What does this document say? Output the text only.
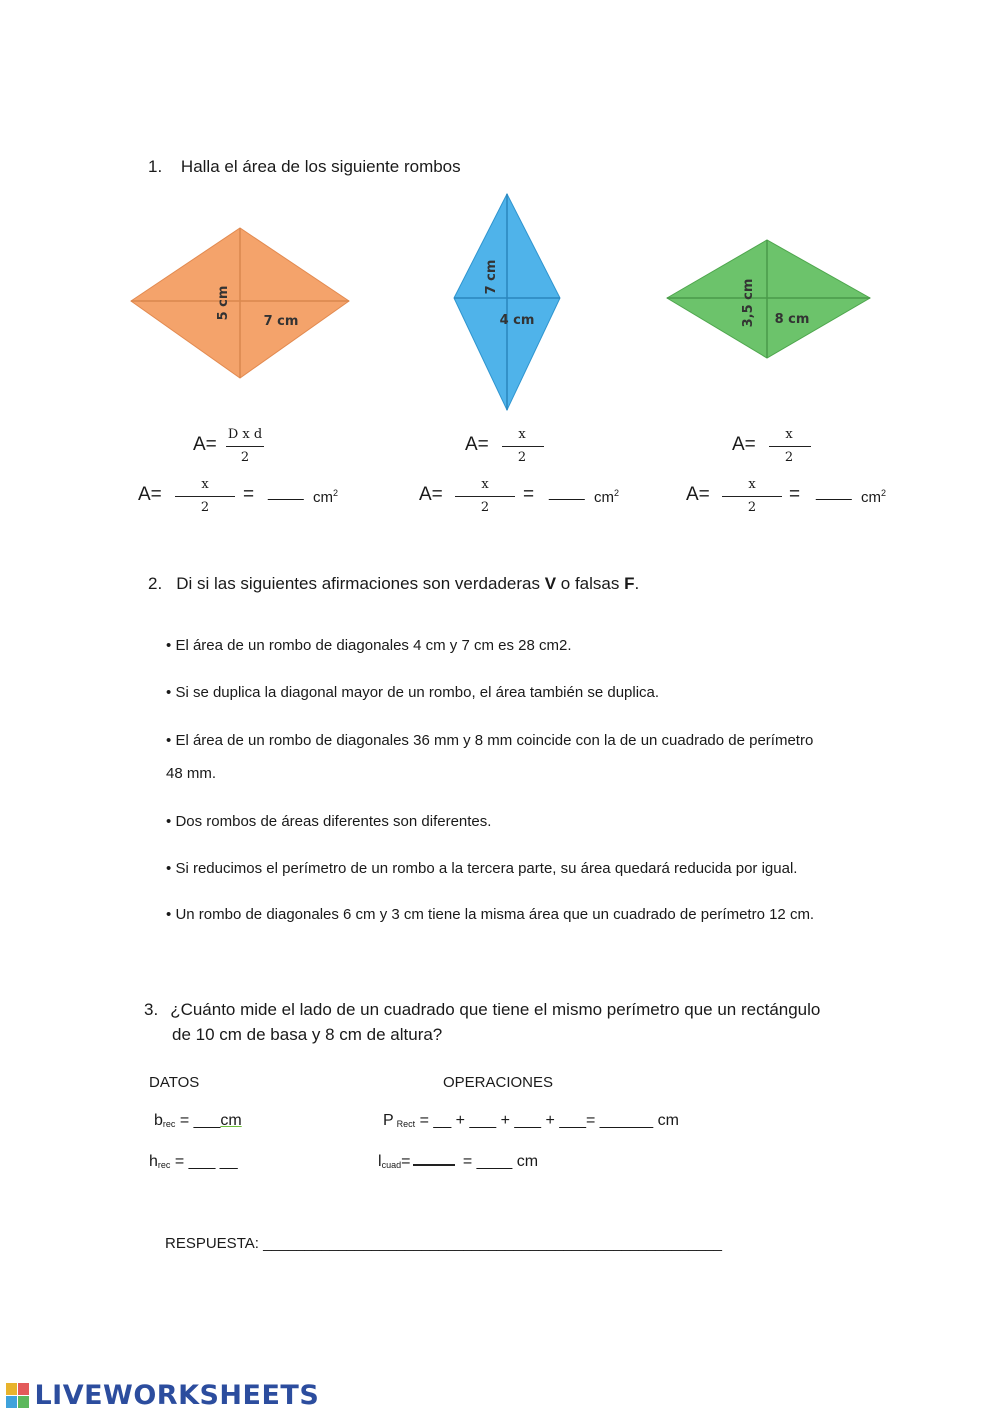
1. Halla el área de los siguiente rombos
5 cm
7 cm
7 cm
4 cm	3,5 cm 8 cm
A= D x d
2
A=	x
2
A=	x
2
A=	x
2
= ____ $cm^2$	A=	x
2
= ____ $cm^2$	A=	x
2
= ____ $cm^2$
2. Di si las siguientes afirmaciones son verdaderas V o falsas F.
• El área de un rombo de diagonales 4 cm y 7 cm es 28 cm2.
• Si se duplica la diagonal mayor de un rombo, el área también se duplica.
• El área de un rombo de diagonales 36 mm y 8 mm coincide con la de un cuadrado de perímetro
48 mm.
• Dos rombos de áreas diferentes son diferentes.
• Si reducimos el perímetro de un rombo a la tercera parte, su área quedará reducida por igual.
• Un rombo de diagonales 6 cm y 3 cm tiene la misma área que un cuadrado de perímetro 12 cm.
3. ¿Cuánto mide el lado de un cuadrado que tiene el mismo perímetro que un rectángulo
de 10 cm de basa y 8 cm de altura?
DATOS	OPERACIONES
$b_{rec}$ = ___cm
$h_{rec}$ = ___ __
P $_{Rect}$ = __ + ___ + ___ + ___= ______ cm
$l_{cuad}=$	= ____ cm
RESPUESTA: _______________________________________________________
LIVEWORKSHEETS
